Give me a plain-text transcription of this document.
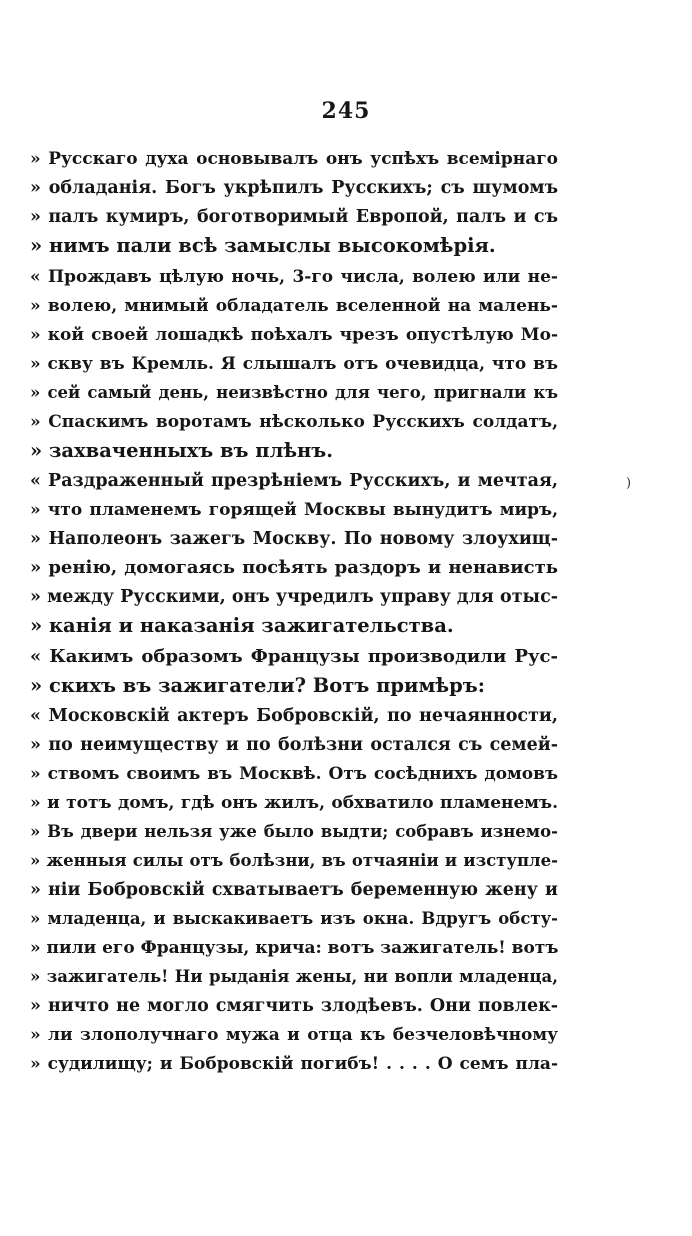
245
» Русскаго духа основывалъ онъ успѣхъ всемірнаго
» обладанія. Богъ укрѣпилъ Русскихъ; съ шумомъ
» палъ кумиръ, боготворимый Европой, палъ и съ
» нимъ пали всѣ замыслы высокомѣрія.
« Прождавъ цѣлую ночь, 3-го числа, волею или не-
» волею, мнимый обладатель вселенной на малень-
» кой своей лошадкѣ поѣхалъ чрезъ опустѣлую Мо-
» скву въ Кремль. Я слышалъ отъ очевидца, что въ
» сей самый день, неизвѣстно для чего, пригнали къ
» Спаскимъ воротамъ нѣсколько Русскихъ солдатъ,
» захваченныхъ въ плѣнъ.
« Раздраженный презрѣніемъ Русскихъ, и мечтая,
» что пламенемъ горящей Москвы вынудитъ миръ,
» Наполеонъ зажегъ Москву. По новому злоухищ-
» ренію, домогаясь посѣять раздоръ и ненависть
» между Русскими, онъ учредилъ управу для отыс-
» канія и наказанія зажигательства.
« Какимъ образомъ Французы производили Рус-
» скихъ въ зажигатели? Вотъ примѣръ:
« Московскій актеръ Бобровскій, по нечаянности,
» по неимуществу и по болѣзни остался съ семей-
» ствомъ своимъ въ Москвѣ. Отъ сосѣднихъ домовъ
» и тотъ домъ, гдѣ онъ жилъ, обхватило пламенемъ.
» Въ двери нельзя уже было выдти; собравъ изнемо-
» женныя силы отъ болѣзни, въ отчаяніи и изступле-
» ніи Бобровскій схватываетъ беременную жену и
» младенца, и выскакиваетъ изъ окна. Вдругъ обсту-
» пили его Французы, крича: вотъ зажигатель! вотъ
» зажигатель! Ни рыданія жены, ни вопли младенца,
» ничто не могло смягчить злодѣевъ. Они повлек-
» ли злополучнаго мужа и отца къ безчеловѣчному
» судилищу; и Бобровскій погибъ! . . . . О семъ пла-
)
